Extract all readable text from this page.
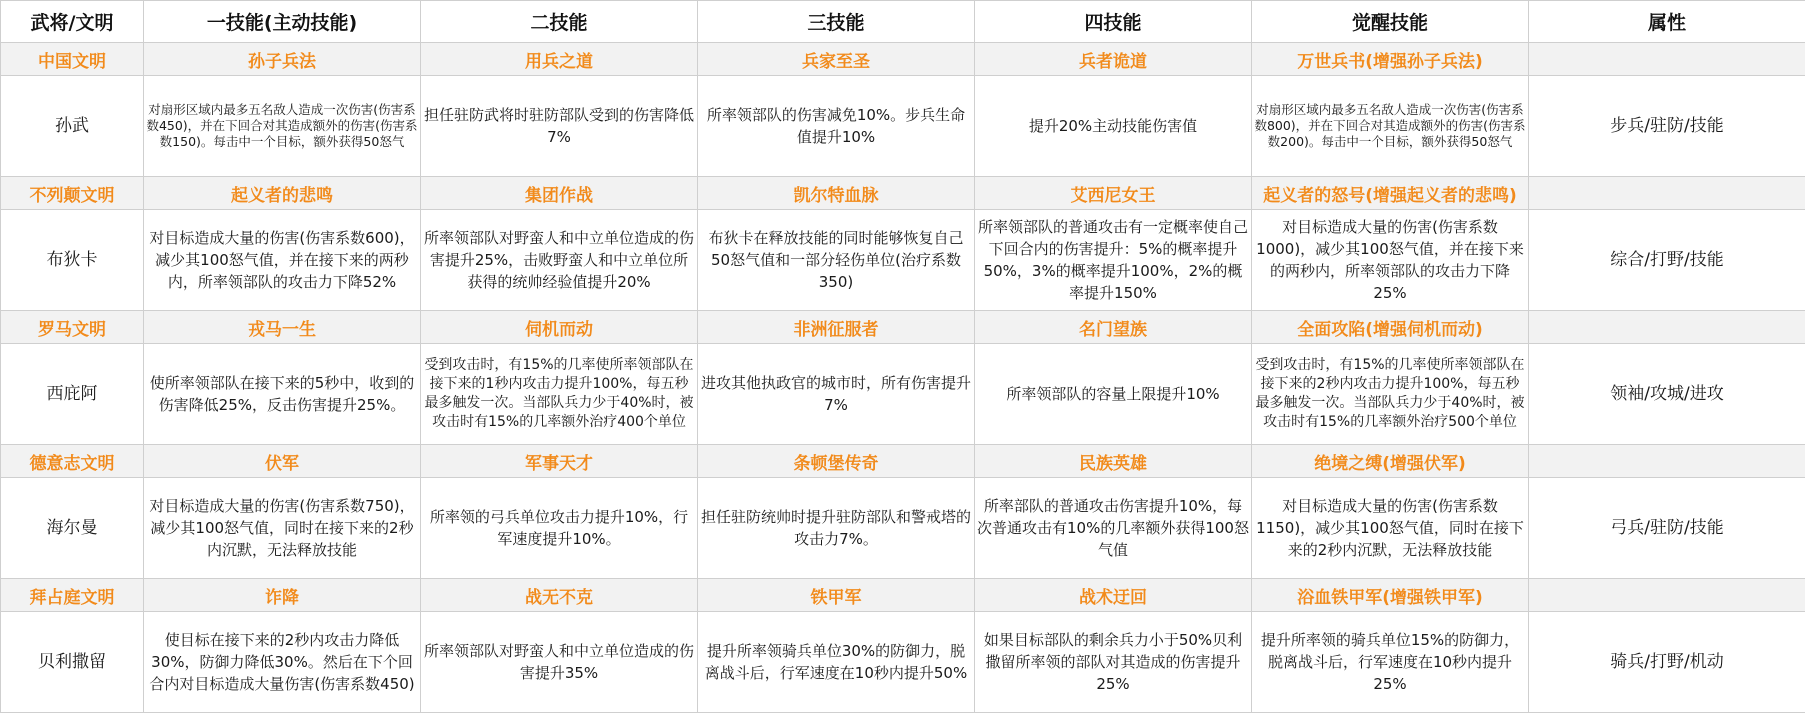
武将/文明	一技能(主动技能)	二技能	三技能	四技能	觉醒技能	属性
中国文明	孙子兵法	用兵之道	兵家至圣	兵者诡道	万世兵书(增强孙子兵法)	
孙武	对扇形区域内最多五名敌人造成一次伤害(伤害系数450)，并在下回合对其造成额外的伤害(伤害系数150)。每击中一个目标，额外获得50怒气	担任驻防武将时驻防部队受到的伤害降低7%	所率领部队的伤害减免10%。步兵生命值提升10%	提升20%主动技能伤害值	对扇形区域内最多五名敌人造成一次伤害(伤害系数800)，并在下回合对其造成额外的伤害(伤害系数200)。每击中一个目标，额外获得50怒气	步兵/驻防/技能
不列颠文明	起义者的悲鸣	集团作战	凯尔特血脉	艾西尼女王	起义者的怒号(增强起义者的悲鸣)	
布狄卡	对目标造成大量的伤害(伤害系数600)，减少其100怒气值，并在接下来的两秒内，所率领部队的攻击力下降52%	所率领部队对野蛮人和中立单位造成的伤害提升25%，击败野蛮人和中立单位所获得的统帅经验值提升20%	布狄卡在释放技能的同时能够恢复自己50怒气值和一部分轻伤单位(治疗系数350)	所率领部队的普通攻击有一定概率使自己下回合内的伤害提升：5%的概率提升50%，3%的概率提升100%，2%的概率提升150%	对目标造成大量的伤害(伤害系数1000)，减少其100怒气值，并在接下来的两秒内，所率领部队的攻击力下降25%	综合/打野/技能
罗马文明	戎马一生	伺机而动	非洲征服者	名门望族	全面攻陷(增强伺机而动)	
西庇阿	使所率领部队在接下来的5秒中，收到的伤害降低25%，反击伤害提升25%。	受到攻击时，有15%的几率使所率领部队在接下来的1秒内攻击力提升100%，每五秒最多触发一次。当部队兵力少于40%时，被攻击时有15%的几率额外治疗400个单位	进攻其他执政官的城市时，所有伤害提升7%	所率领部队的容量上限提升10%	受到攻击时，有15%的几率使所率领部队在接下来的2秒内攻击力提升100%，每五秒最多触发一次。当部队兵力少于40%时，被攻击时有15%的几率额外治疗500个单位	领袖/攻城/进攻
德意志文明	伏军	军事天才	条顿堡传奇	民族英雄	绝境之缚(增强伏军)	
海尔曼	对目标造成大量的伤害(伤害系数750)，减少其100怒气值，同时在接下来的2秒内沉默，无法释放技能	所率领的弓兵单位攻击力提升10%，行军速度提升10%。	担任驻防统帅时提升驻防部队和警戒塔的攻击力7%。	所率部队的普通攻击伤害提升10%，每次普通攻击有10%的几率额外获得100怒气值	对目标造成大量的伤害(伤害系数1150)，减少其100怒气值，同时在接下来的2秒内沉默，无法释放技能	弓兵/驻防/技能
拜占庭文明	诈降	战无不克	铁甲军	战术迂回	浴血铁甲军(增强铁甲军)	
贝利撒留	使目标在接下来的2秒内攻击力降低30%，防御力降低30%。然后在下个回合内对目标造成大量伤害(伤害系数450)	所率领部队对野蛮人和中立单位造成的伤害提升35%	提升所率领骑兵单位30%的防御力，脱离战斗后，行军速度在10秒内提升50%	如果目标部队的剩余兵力小于50%贝利撒留所率领的部队对其造成的伤害提升25%	提升所率领的骑兵单位15%的防御力，脱离战斗后，行军速度在10秒内提升25%	骑兵/打野/机动
